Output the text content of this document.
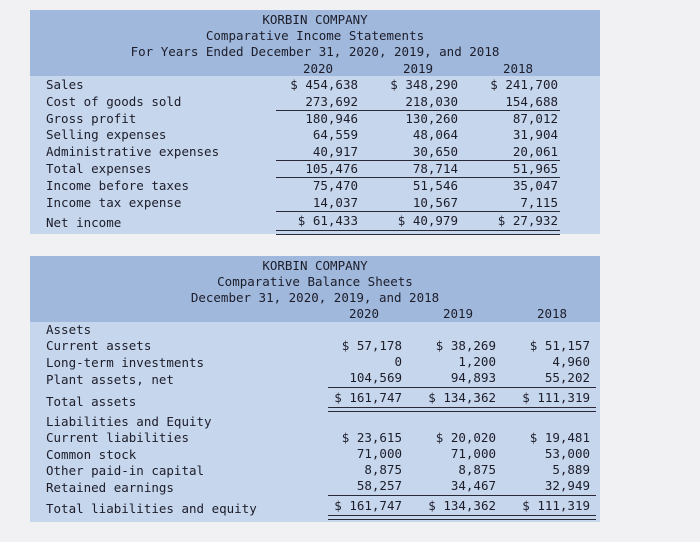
KORBIN COMPANY
Comparative Income Statements
For Years Ended December 31, 2020, 2019, and 2018
2020	2019	2018
Sales	$ 454,638	$ 348,290	$ 241,700
Cost of goods sold	273,692	218,030	154,688
Gross profit	180,946	130,260	87,012
Selling expenses	64,559	48,064	31,904
Administrative expenses	40,917	30,650	20,061
Total expenses	105,476	78,714	51,965
Income before taxes	75,470	51,546	35,047
Income tax expense	14,037	10,567	7,115
Net income	$ 61,433	$ 40,979	$ 27,932
KORBIN COMPANY
Comparative Balance Sheets
December 31, 2020, 2019, and 2018
2020	2019	2018
Assets
Current assets	$ 57,178	$ 38,269	$ 51,157
Long-term investments	0	1,200	4,960
Plant assets, net	104,569	94,893	55,202
Total assets	$ 161,747	$ 134,362	$ 111,319
Liabilities and Equity
Current liabilities	$ 23,615	$ 20,020	$ 19,481
Common stock	71,000	71,000	53,000
Other paid-in capital	8,875	8,875	5,889
Retained earnings	58,257	34,467	32,949
Total liabilities and equity	$ 161,747	$ 134,362	$ 111,319
